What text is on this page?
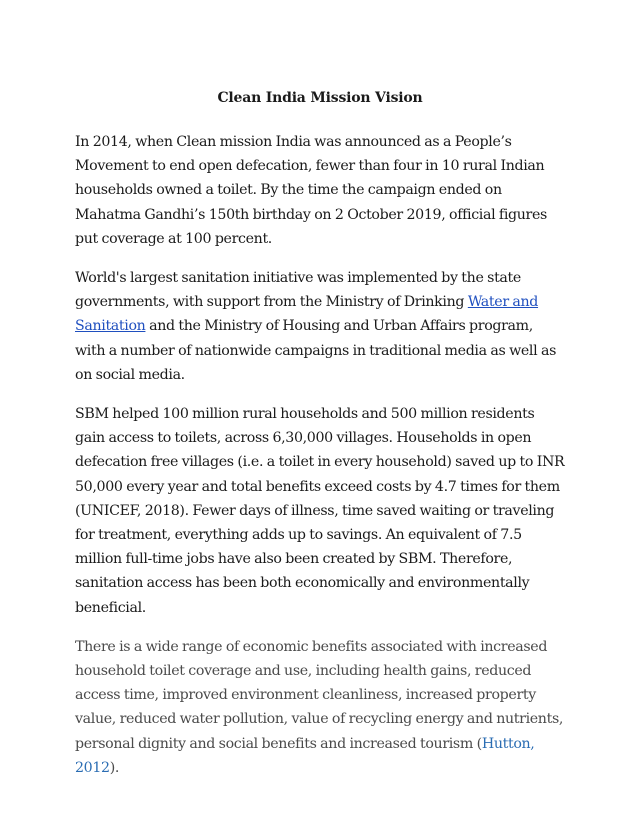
Clean India Mission Vision

In 2014, when Clean mission India was announced as a People’s Movement to end open defecation, fewer than four in 10 rural Indian households owned a toilet. By the time the campaign ended on Mahatma Gandhi’s 150th birthday on 2 October 2019, official figures put coverage at 100 percent.

World's largest sanitation initiative was implemented by the state governments, with support from the Ministry of Drinking Water and Sanitation and the Ministry of Housing and Urban Affairs program, with a number of nationwide campaigns in traditional media as well as on social media.

SBM helped 100 million rural households and 500 million residents gain access to toilets, across 6,30,000 villages. Households in open defecation free villages (i.e. a toilet in every household) saved up to INR 50,000 every year and total benefits exceed costs by 4.7 times for them (UNICEF, 2018). Fewer days of illness, time saved waiting or traveling for treatment, everything adds up to savings. An equivalent of 7.5 million full-time jobs have also been created by SBM. Therefore, sanitation access has been both economically and environmentally beneficial.

There is a wide range of economic benefits associated with increased household toilet coverage and use, including health gains, reduced access time, improved environment cleanliness, increased property value, reduced water pollution, value of recycling energy and nutrients, personal dignity and social benefits and increased tourism (Hutton, 2012).
